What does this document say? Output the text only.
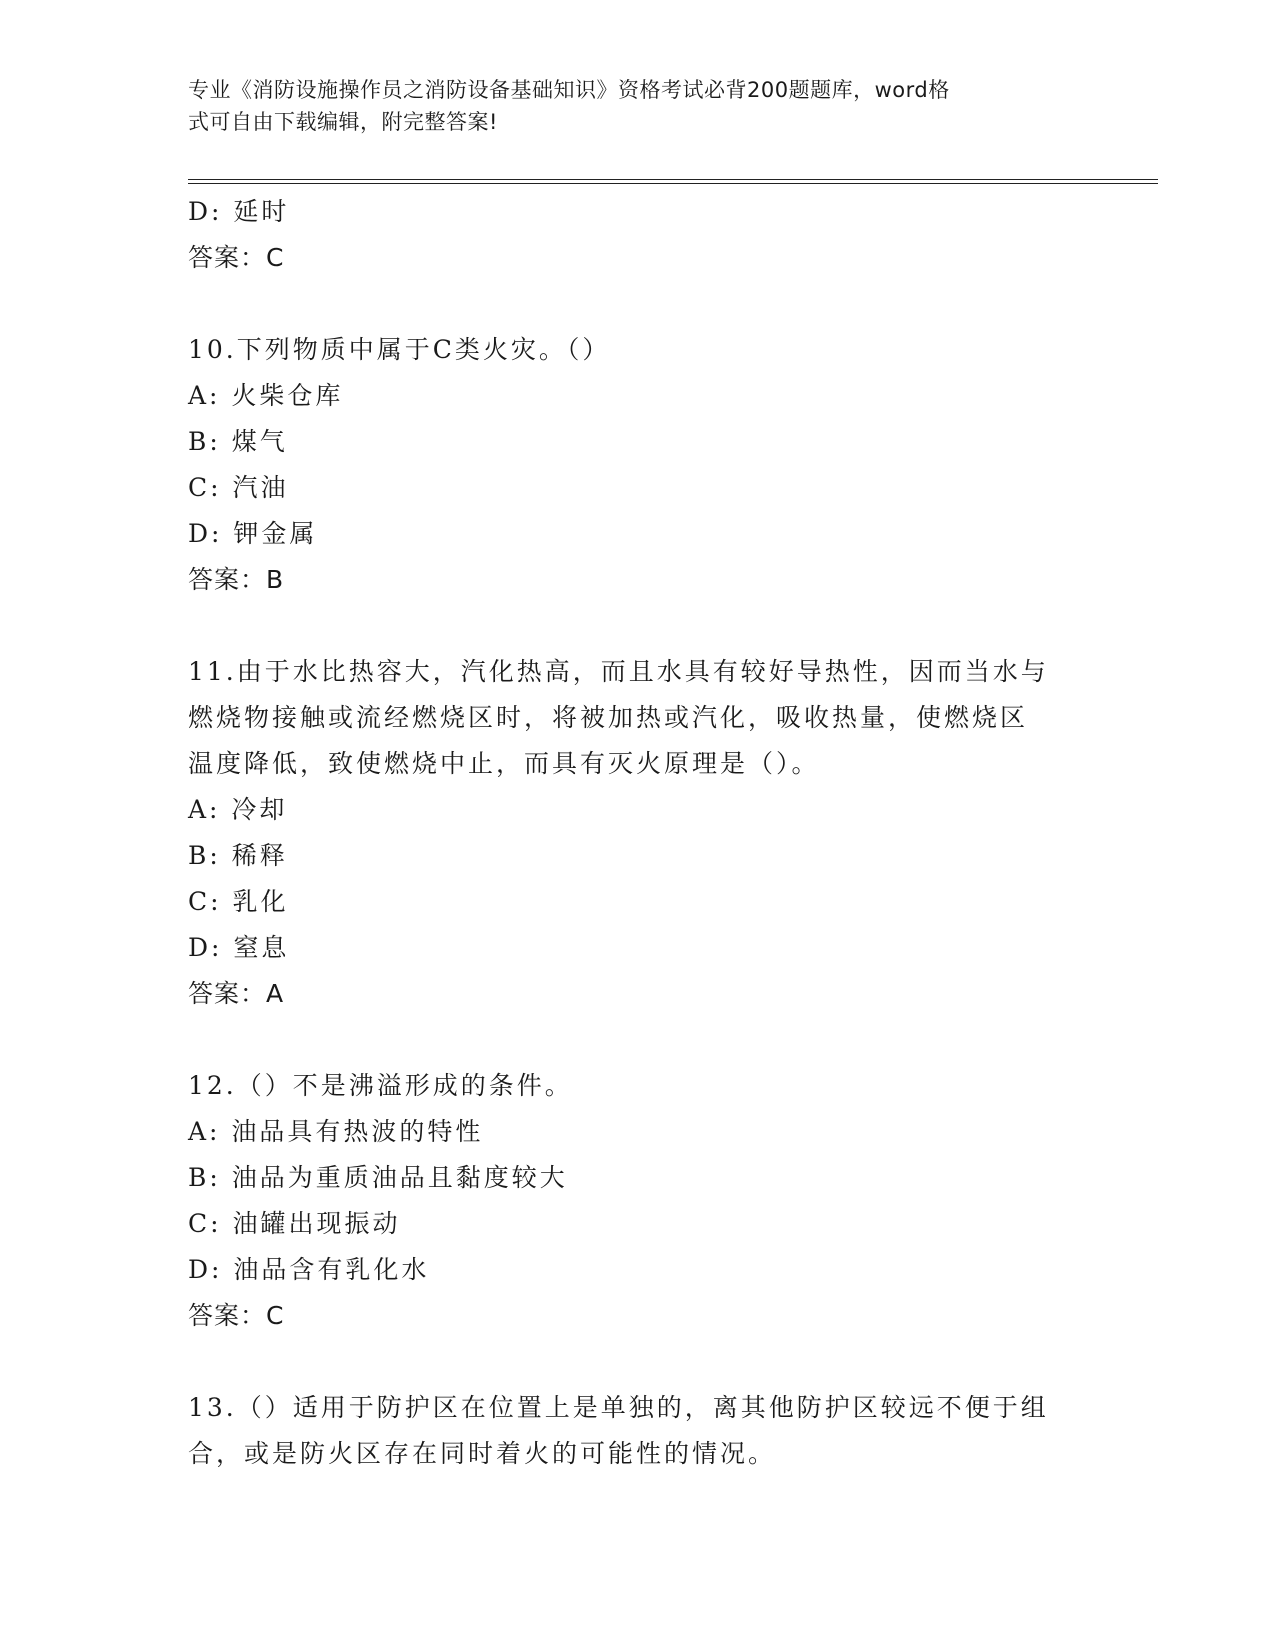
专业《消防设施操作员之消防设备基础知识》资格考试必背200题题库，word格
式可自由下载编辑，附完整答案!
D: 延时
答案：C
10.下列物质中属于C类火灾。（）
A: 火柴仓库
B: 煤气
C: 汽油
D: 钾金属
答案：B
11.由于水比热容大，汽化热高，而且水具有较好导热性，因而当水与
燃烧物接触或流经燃烧区时，将被加热或汽化，吸收热量，使燃烧区
温度降低，致使燃烧中止，而具有灭火原理是（）。
A: 冷却
B: 稀释
C: 乳化
D: 窒息
答案：A
12.（）不是沸溢形成的条件。
A: 油品具有热波的特性
B: 油品为重质油品且黏度较大
C: 油罐出现振动
D: 油品含有乳化水
答案：C
13.（）适用于防护区在位置上是单独的，离其他防护区较远不便于组
合，或是防火区存在同时着火的可能性的情况。
